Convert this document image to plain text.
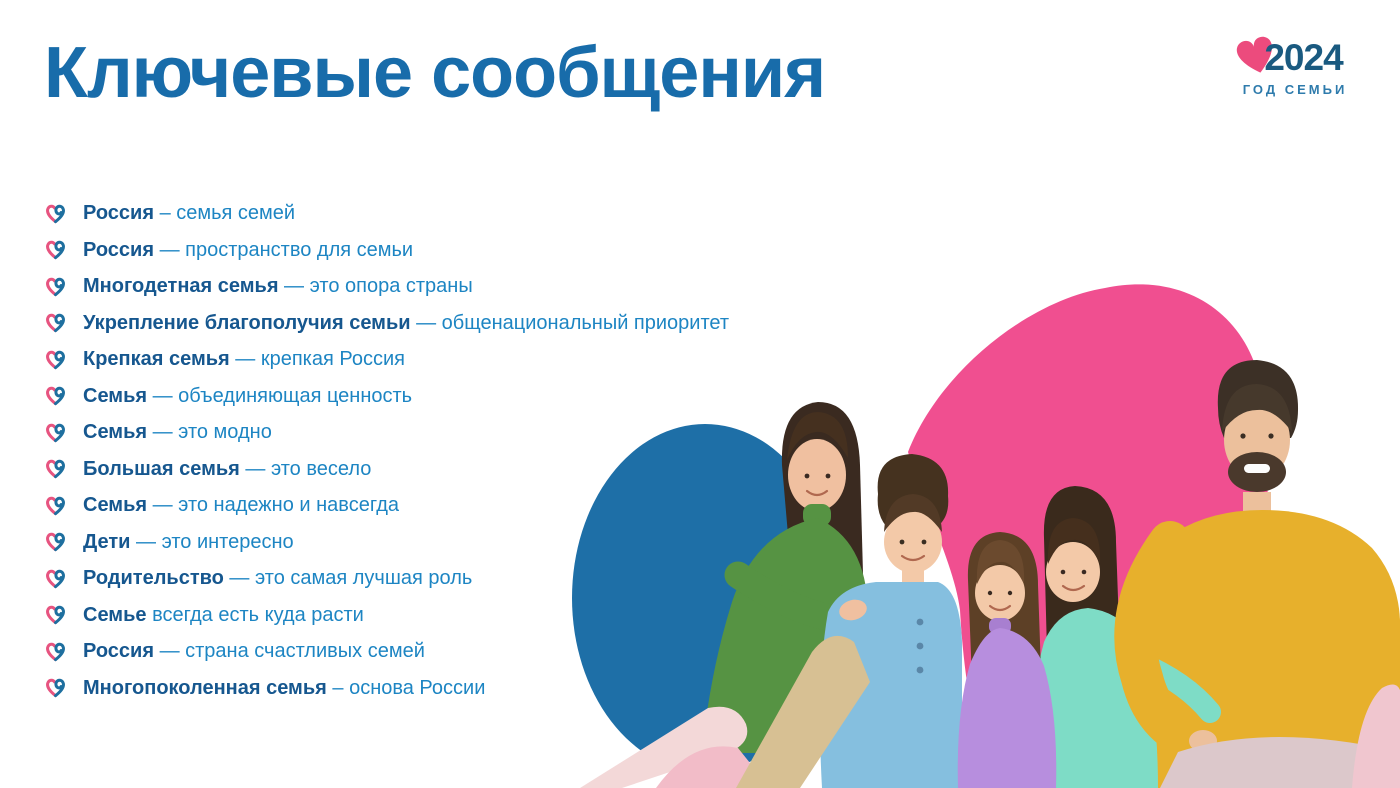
Ключевые сообщения	2024
ГОД СЕМЬИ
Россия – семья семей
Россия — пространство для семьи
Многодетная семья — это опора страны
Укрепление благополучия семьи — общенациональный приоритет
Крепкая семья — крепкая Россия
Семья — объединяющая ценность
Семья — это модно
Большая семья — это весело
Семья — это надежно и навсегда
Дети — это интересно
Родительство — это самая лучшая роль
Семье всегда есть куда расти
Россия — страна счастливых семей
Многопоколенная семья – основа России
